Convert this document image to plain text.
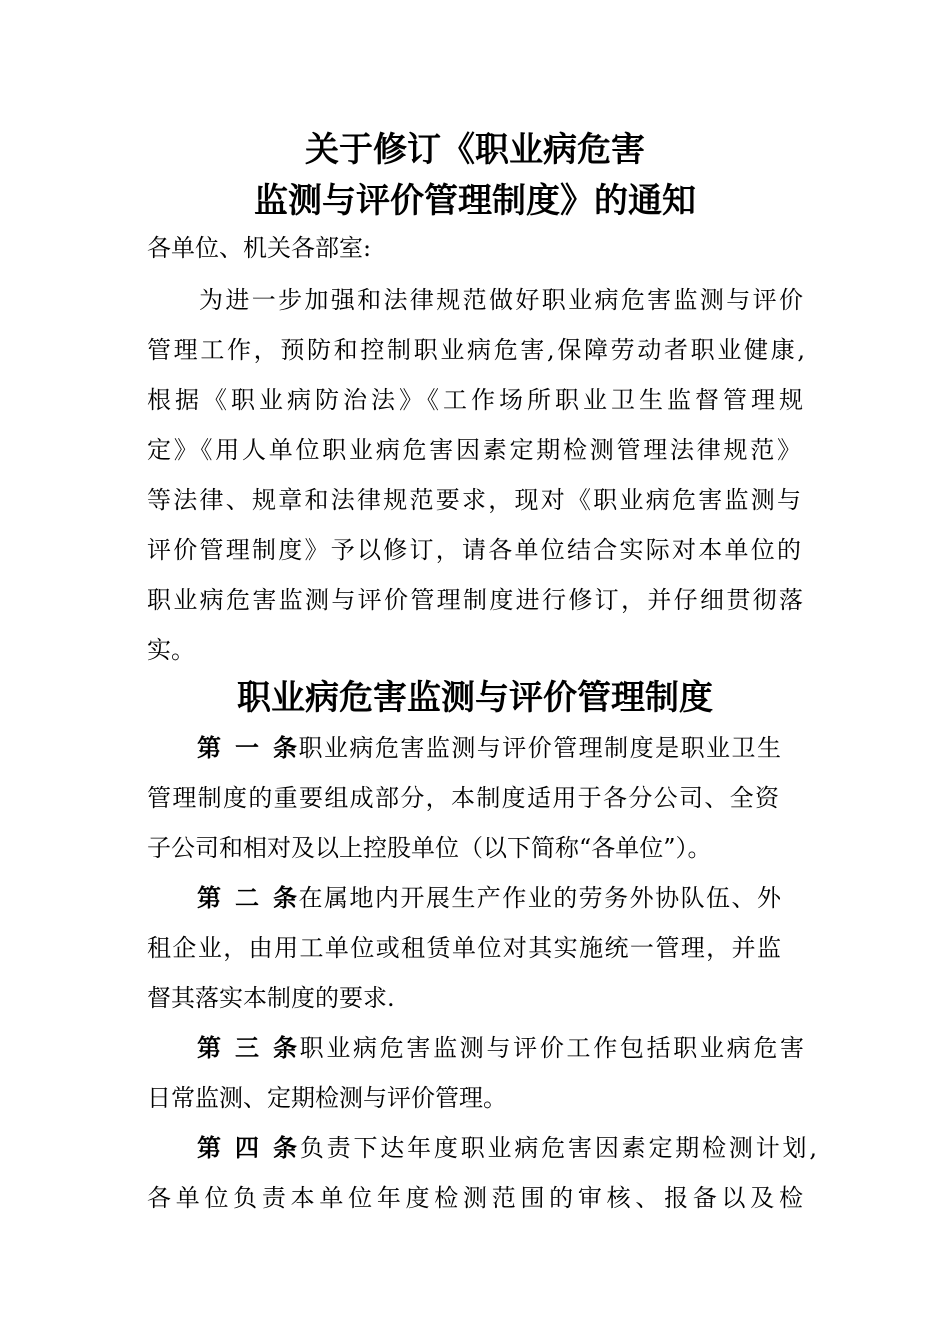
关于修订《职业病危害
监测与评价管理制度》的通知

各单位、机关各部室:

为进一步加强和法律规范做好职业病危害监测与评价

管理工作，预防和控制职业病危害,保障劳动者职业健康,

根据《职业病防治法》《工作场所职业卫生监督管理规

定》《用人单位职业病危害因素定期检测管理法律规范》

等法律、规章和法律规范要求，现对《职业病危害监测与

评价管理制度》予以修订，请各单位结合实际对本单位的

职业病危害监测与评价管理制度进行修订，并仔细贯彻落

实。

职业病危害监测与评价管理制度

第一条职业病危害监测与评价管理制度是职业卫生

管理制度的重要组成部分，本制度适用于各分公司、全资

子公司和相对及以上控股单位（以下简称“各单位”）。

第二条在属地内开展生产作业的劳务外协队伍、外

租企业，由用工单位或租赁单位对其实施统一管理，并监

督其落实本制度的要求.

第三条职业病危害监测与评价工作包括职业病危害

日常监测、定期检测与评价管理。

第四条负责下达年度职业病危害因素定期检测计划,

各单位负责本单位年度检测范围的审核、报备以及检
